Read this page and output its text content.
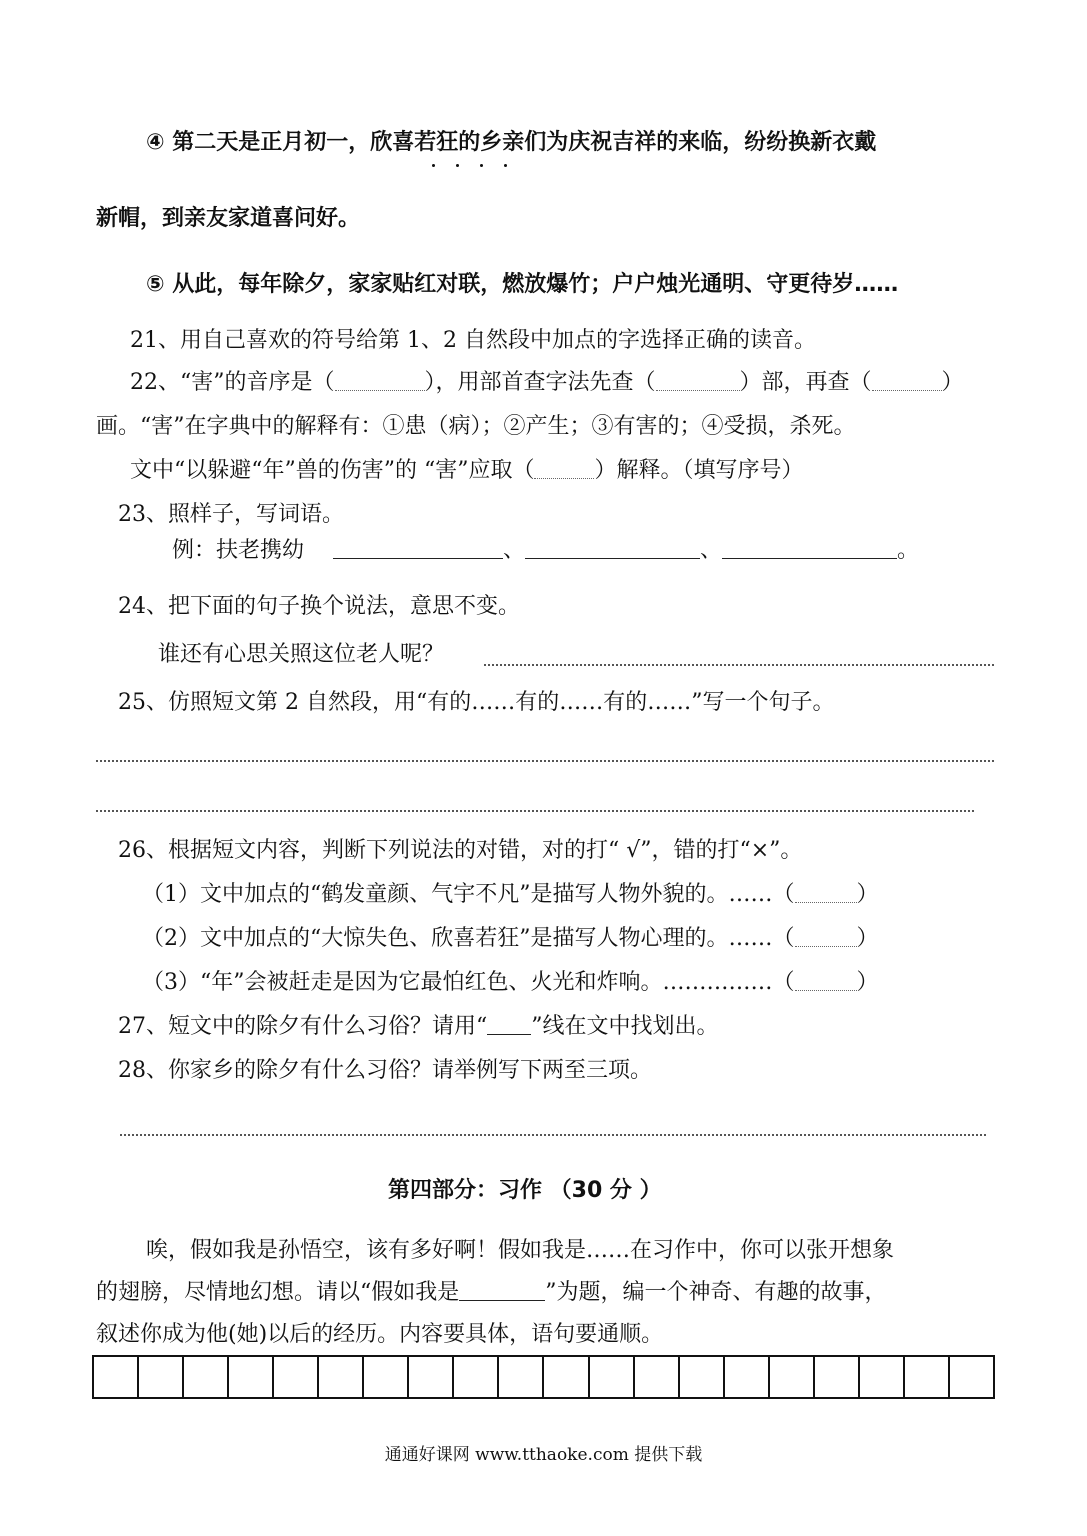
④ 第二天是正月初一，欣喜若狂的乡亲们为庆祝吉祥的来临，纷纷换新衣戴
新帽，到亲友家道喜问好。
⑤ 从此，每年除夕，家家贴红对联，燃放爆竹；户户烛光通明、守更待岁……
21、用自己喜欢的符号给第 1、2 自然段中加点的字选择正确的读音。
22、“害”的音序是（	），用部首查字法先查（	）部，再查（	）
画。“害”在字典中的解释有：①患（病）；②产生；③有害的；④受损，杀死。
文中“以躲避“年”兽的伤害”的 “害”应取（	）解释。（填写序号）
23、照样子，写词语。
例：扶老携幼	、	、	。
24、把下面的句子换个说法，意思不变。
谁还有心思关照这位老人呢？
25、仿照短文第 2 自然段，用“有的……有的……有的……”写一个句子。
26、根据短文内容，判断下列说法的对错，对的打“ √”，错的打“×”。
（1）文中加点的“鹤发童颜、气宇不凡”是描写人物外貌的。……（	）
（2）文中加点的“大惊失色、欣喜若狂”是描写人物心理的。……（	）
（3）“年”会被赶走是因为它最怕红色、火光和炸响。……………（	）
27、短文中的除夕有什么习俗？请用“ ”线在文中找划出。
28、你家乡的除夕有什么习俗？请举例写下两至三项。
第四部分：习作 （30 分 ）
唉，假如我是孙悟空，该有多好啊！假如我是……在习作中，你可以张开想象
的翅膀，尽情地幻想。请以“假如我是	”为题，编一个神奇、有趣的故事，
叙述你成为他(她)以后的经历。内容要具体，语句要通顺。
通通好课网 www.tthaoke.com 提供下载
